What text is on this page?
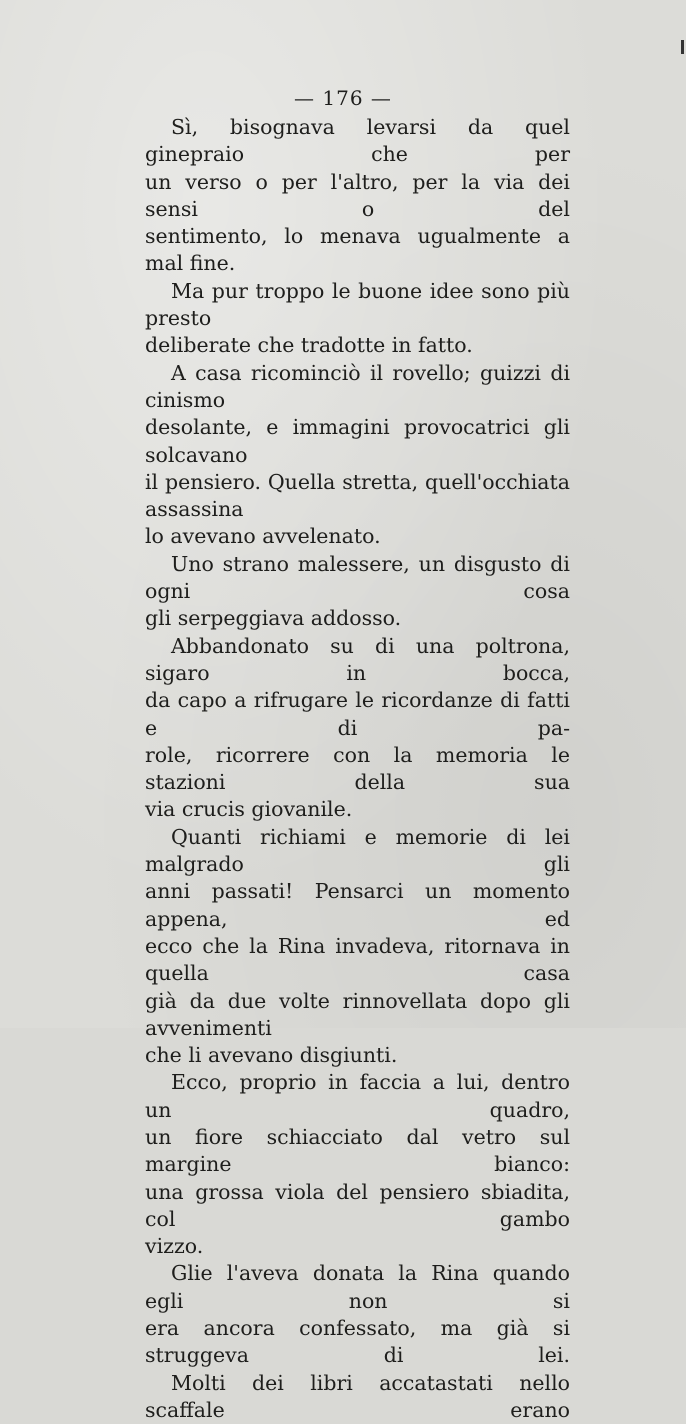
— 176 —
Sì, bisognava levarsi da quel ginepraio che per
un verso o per l'altro, per la via dei sensi o del
sentimento, lo menava ugualmente a mal fine.
Ma pur troppo le buone idee sono più presto
deliberate che tradotte in fatto.
A casa ricominciò il rovello; guizzi di cinismo
desolante, e immagini provocatrici gli solcavano
il pensiero. Quella stretta, quell'occhiata assassina
lo avevano avvelenato.
Uno strano malessere, un disgusto di ogni cosa
gli serpeggiava addosso.
Abbandonato su di una poltrona, sigaro in bocca,
da capo a rifrugare le ricordanze di fatti e di pa-
role, ricorrere con la memoria le stazioni della sua
via crucis giovanile.
Quanti richiami e memorie di lei malgrado gli
anni passati! Pensarci un momento appena, ed
ecco che la Rina invadeva, ritornava in quella casa
già da due volte rinnovellata dopo gli avvenimenti
che li avevano disgiunti.
Ecco, proprio in faccia a lui, dentro un quadro,
un fiore schiacciato dal vetro sul margine bianco:
una grossa viola del pensiero sbiadita, col gambo
vizzo.
Glie l'aveva donata la Rina quando egli non si
era ancora confessato, ma già si struggeva di lei.
Molti dei libri accatastati nello scaffale erano
